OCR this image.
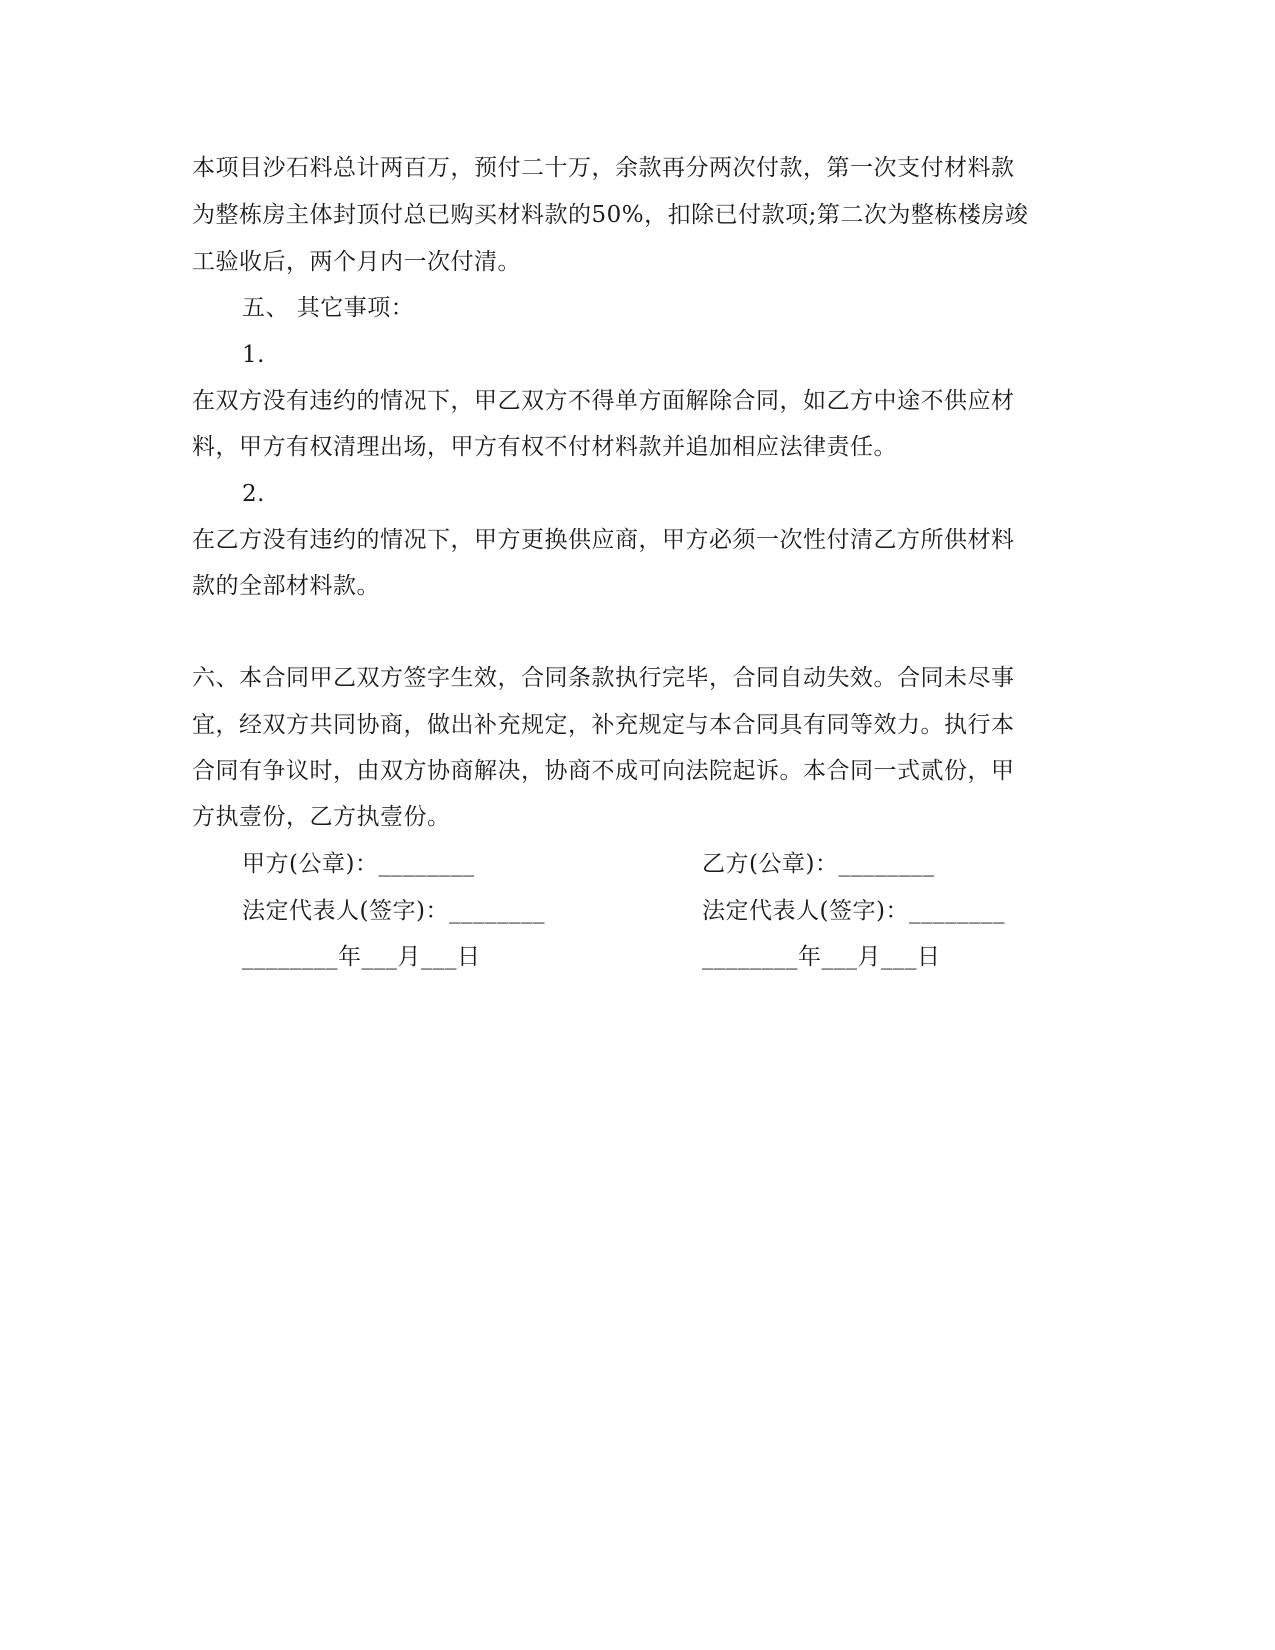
本项目沙石料总计两百万，预付二十万，余款再分两次付款，第一次支付材料款
为整栋房主体封顶付总已购买材料款的50%，扣除已付款项;第二次为整栋楼房竣
工验收后，两个月内一次付清。
五、 其它事项：
1.
在双方没有违约的情况下，甲乙双方不得单方面解除合同，如乙方中途不供应材
料，甲方有权清理出场，甲方有权不付材料款并追加相应法律责任。
2.
在乙方没有违约的情况下，甲方更换供应商，甲方必须一次性付清乙方所供材料
款的全部材料款。
六、本合同甲乙双方签字生效，合同条款执行完毕，合同自动失效。合同未尽事
宜，经双方共同协商，做出补充规定，补充规定与本合同具有同等效力。执行本
合同有争议时，由双方协商解决，协商不成可向法院起诉。本合同一式贰份，甲
方执壹份，乙方执壹份。
甲方(公章)：________	乙方(公章)：________
法定代表人(签字)：________	法定代表人(签字)：________
________年___月___日	________年___月___日
